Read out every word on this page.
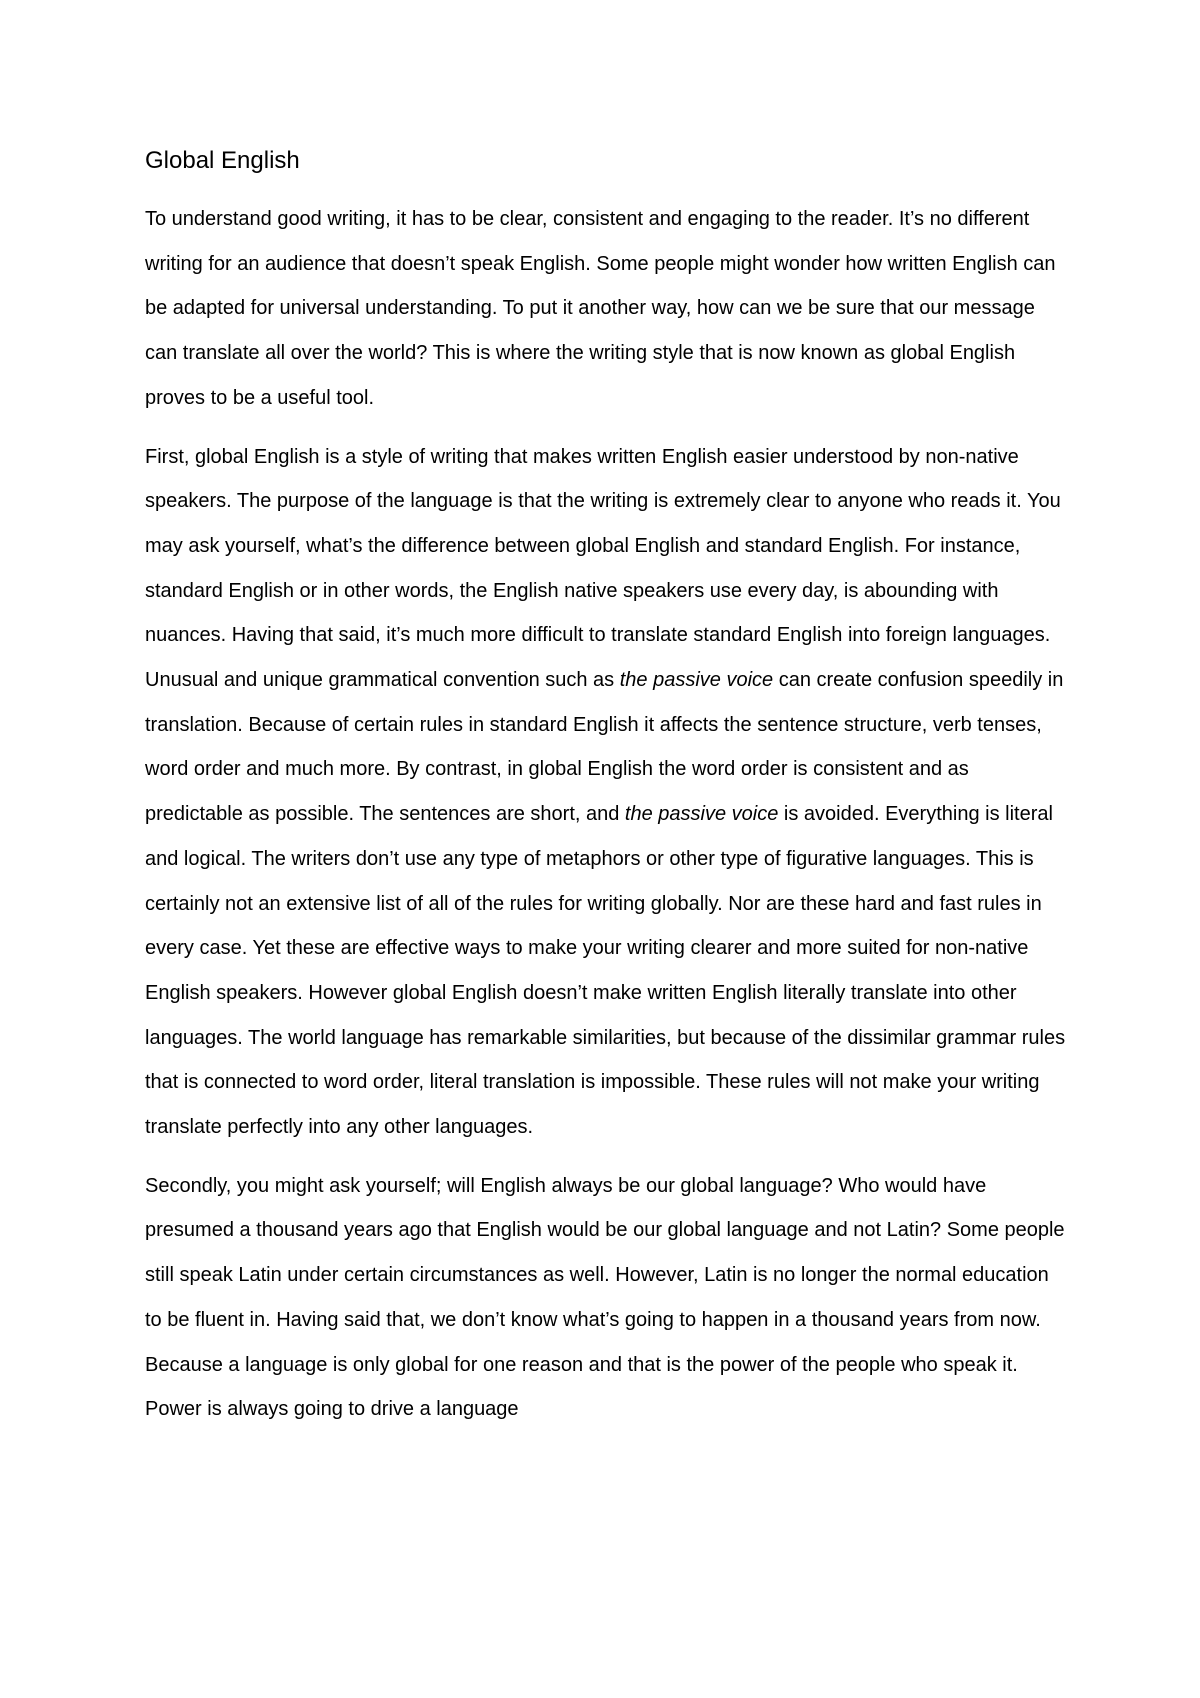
Global English

To understand good writing, it has to be clear, consistent and engaging to the reader. It’s no different writing for an audience that doesn’t speak English. Some people might wonder how written English can be adapted for universal understanding. To put it another way, how can we be sure that our message can translate all over the world? This is where the writing style that is now known as global English proves to be a useful tool.

First, global English is a style of writing that makes written English easier understood by non-native speakers. The purpose of the language is that the writing is extremely clear to anyone who reads it. You may ask yourself, what’s the difference between global English and standard English. For instance, standard English or in other words, the English native speakers use every day, is abounding with nuances. Having that said, it’s much more difficult to translate standard English into foreign languages. Unusual and unique grammatical convention such as the passive voice can create confusion speedily in translation. Because of certain rules in standard English it affects the sentence structure, verb tenses, word order and much more. By contrast, in global English the word order is consistent and as predictable as possible. The sentences are short, and the passive voice is avoided. Everything is literal and logical. The writers don’t use any type of metaphors or other type of figurative languages. This is certainly not an extensive list of all of the rules for writing globally. Nor are these hard and fast rules in every case. Yet these are effective ways to make your writing clearer and more suited for non-native English speakers. However global English doesn’t make written English literally translate into other languages. The world language has remarkable similarities, but because of the dissimilar grammar rules that is connected to word order, literal translation is impossible. These rules will not make your writing translate perfectly into any other languages.

Secondly, you might ask yourself; will English always be our global language? Who would have presumed a thousand years ago that English would be our global language and not Latin? Some people still speak Latin under certain circumstances as well. However, Latin is no longer the normal education to be fluent in. Having said that, we don’t know what’s going to happen in a thousand years from now. Because a language is only global for one reason and that is the power of the people who speak it. Power is always going to drive a language
